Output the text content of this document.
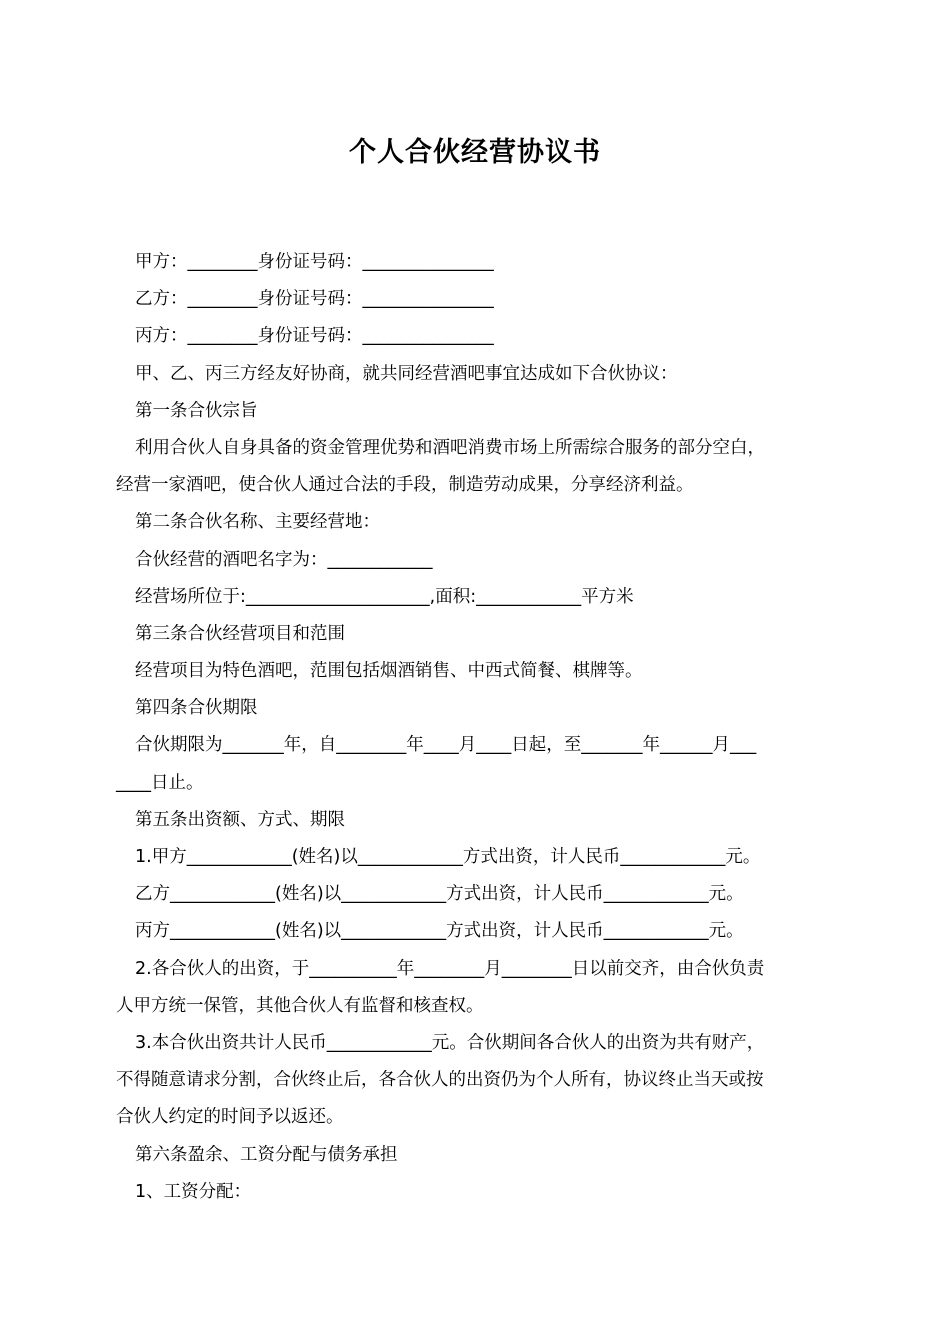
个人合伙经营协议书
甲方：________身份证号码：_______________
乙方：________身份证号码：_______________
丙方：________身份证号码：_______________
甲、乙、丙三方经友好协商，就共同经营酒吧事宜达成如下合伙协议：
第一条合伙宗旨
利用合伙人自身具备的资金管理优势和酒吧消费市场上所需综合服务的部分空白，
经营一家酒吧，使合伙人通过合法的手段，制造劳动成果，分享经济利益。
第二条合伙名称、主要经营地：
合伙经营的酒吧名字为：____________
经营场所位于:_____________________,面积:____________平方米
第三条合伙经营项目和范围
经营项目为特色酒吧，范围包括烟酒销售、中西式简餐、棋牌等。
第四条合伙期限
合伙期限为_______年，自________年____月____日起，至_______年______月___
____日止。
第五条出资额、方式、期限
1.甲方____________(姓名)以____________方式出资，计人民币____________元。
乙方____________(姓名)以____________方式出资，计人民币____________元。
丙方____________(姓名)以____________方式出资，计人民币____________元。
2.各合伙人的出资，于__________年________月________日以前交齐，由合伙负责
人甲方统一保管，其他合伙人有监督和核查权。
3.本合伙出资共计人民币____________元。合伙期间各合伙人的出资为共有财产，
不得随意请求分割，合伙终止后，各合伙人的出资仍为个人所有，协议终止当天或按
合伙人约定的时间予以返还。
第六条盈余、工资分配与债务承担
1、工资分配：
